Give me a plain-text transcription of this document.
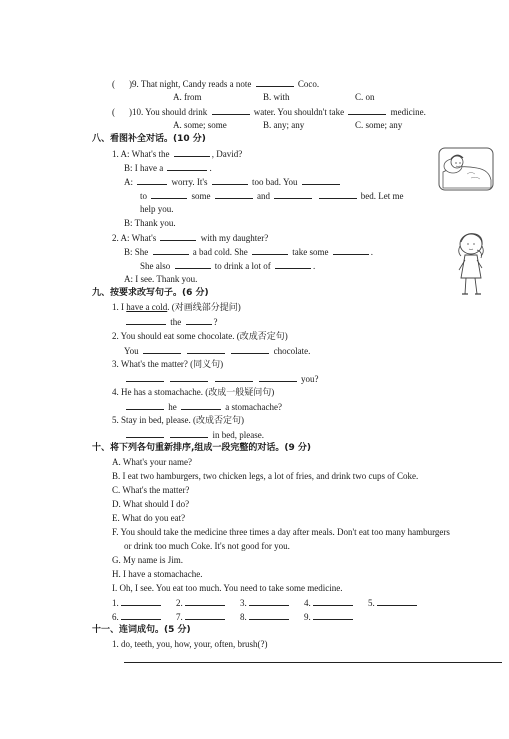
( )9. That night, Candy reads a note	Coco.
A. from	B. with	C. on
( )10. You should drink	water. You shouldn't take	medicine.
A. some; some	B. any; any	C. some; any
八、看图补全对话。(10 分)
1. A: What's the	, David?
B: I have a	.
A:	worry. It's	too bad. You
to	some	and	bed. Let me
help you.
B: Thank you.
2. A: What's	with my daughter?
B: She	a bad cold. She	take some	.
She also	to drink a lot of	.
A: I see. Thank you.
九、按要求改写句子。(6 分)
1. I have a cold. (对画线部分提问)
the	?
2. You should eat some chocolate. (改成否定句)
You	chocolate.
3. What's the matter? (同义句)
you?
4. He has a stomachache. (改成一般疑问句)
he	a stomachache?
5. Stay in bed, please. (改成否定句)
in bed, please.
十、将下列各句重新排序,组成一段完整的对话。(9 分)
A. What's your name?
B. I eat two hamburgers, two chicken legs, a lot of fries, and drink two cups of Coke.
C. What's the matter?
D. What should I do?
E. What do you eat?
F. You should take the medicine three times a day after meals. Don't eat too many hamburgers
or drink too much Coke. It's not good for you.
G. My name is Jim.
H. I have a stomachache.
I. Oh, I see. You eat too much. You need to take some medicine.
1.	2.	3.	4.	5.
6.	7.	8.	9.
十一、连词成句。(5 分)
1. do, teeth, you, how, your, often, brush(?)
